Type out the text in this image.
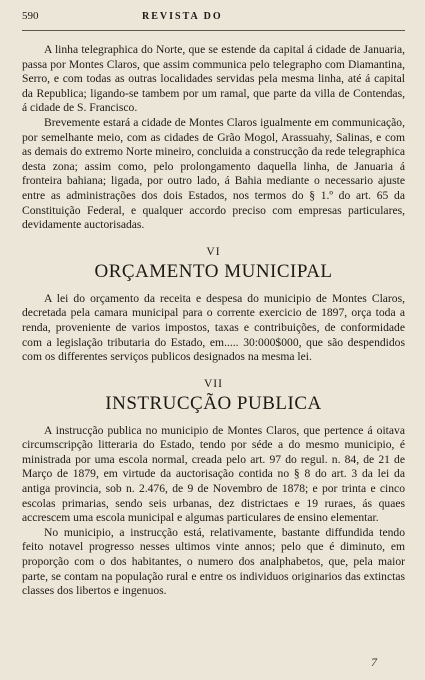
590	REVISTA DO

A linha telegraphica do Norte, que se estende da capital á cidade de Januaria, passa por Montes Claros, que assim communica pelo telegrapho com Diamantina, Serro, e com todas as outras localidades servidas pela mesma linha, até á capital da Republica; ligando-se tambem por um ramal, que parte da villa de Contendas, á cidade de S. Francisco.

Brevemente estará a cidade de Montes Claros igualmente em communicação, por semelhante meio, com as cidades de Grão Mogol, Arassuahy, Salinas, e com as demais do extremo Norte mineiro, concluida a construcção da rede telegraphica desta zona; assim como, pelo prolongamento daquella linha, de Januaria á fronteira bahiana; ligada, por outro lado, á Bahia mediante o necessario ajuste entre as administrações dos dois Estados, nos termos do § 1.º do art. 65 da Constituição Federal, e qualquer accordo preciso com empresas particulares, devidamente auctorisadas.

VI
ORÇAMENTO MUNICIPAL

A lei do orçamento da receita e despesa do municipio de Montes Claros, decretada pela camara municipal para o corrente exercicio de 1897, orça toda a renda, proveniente de varios impostos, taxas e contribuições, de conformidade com a legislação tributaria do Estado, em..... 30:000$000, que são despendidos com os differentes serviços publicos designados na mesma lei.

VII
INSTRUCÇÃO PUBLICA

A instrucção publica no municipio de Montes Claros, que pertence á oitava circumscripção litteraria do Estado, tendo por séde a do mesmo municipio, é ministrada por uma escola normal, creada pelo art. 97 do regul. n. 84, de 21 de Março de 1879, em virtude da auctorisação contida no § 8 do art. 3 da lei da antiga provincia, sob n. 2.476, de 9 de Novembro de 1878; e por trinta e cinco escolas primarias, sendo seis urbanas, dez districtaes e 19 ruraes, ás quaes accrescem uma escola municipal e algumas particulares de ensino elementar.

No municipio, a instrucção está, relativamente, bastante diffundida tendo feito notavel progresso nesses ultimos vinte annos; pelo que é diminuto, em proporção com o dos habitantes, o numero dos analphabetos, que, pela maior parte, se contam na população rural e entre os individuos originarios das extinctas classes dos libertos e ingenuos.

7
